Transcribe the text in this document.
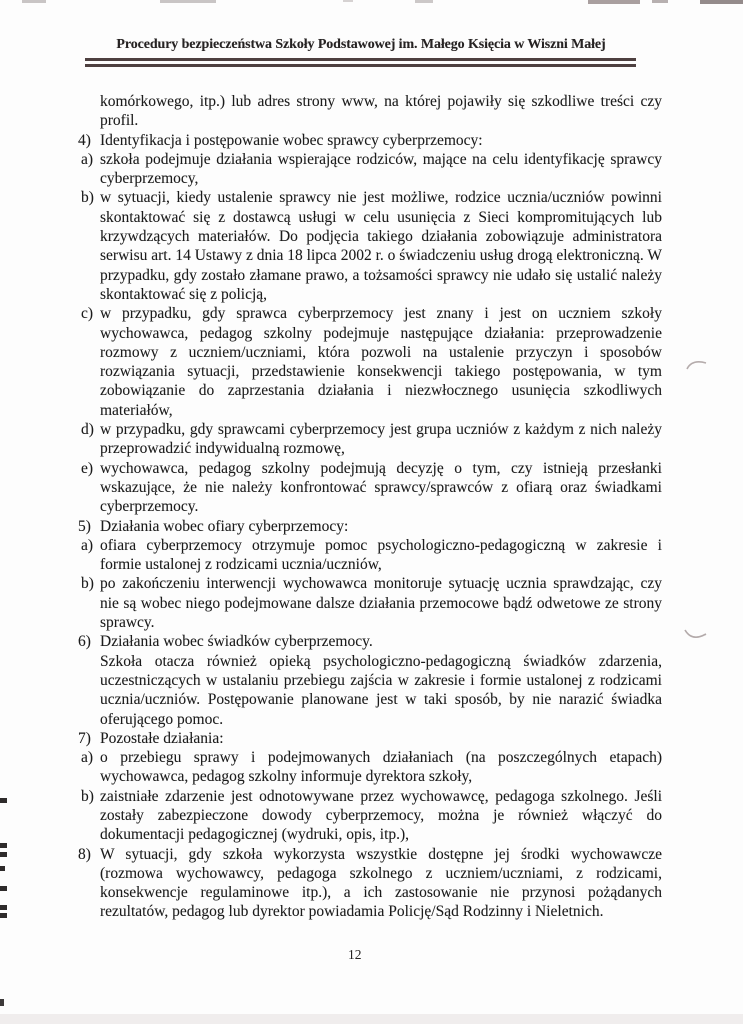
Procedury bezpieczeństwa Szkoły Podstawowej im. Małego Księcia w Wiszni Małej

komórkowego, itp.) lub adres strony www, na której pojawiły się szkodliwe treści czy profil.

4) Identyfikacja i postępowanie wobec sprawcy cyberprzemocy:

a) szkoła podejmuje działania wspierające rodziców, mające na celu identyfikację sprawcy cyberprzemocy,

b) w sytuacji, kiedy ustalenie sprawcy nie jest możliwe, rodzice ucznia/uczniów powinni skontaktować się z dostawcą usługi w celu usunięcia z Sieci kompromitujących lub krzywdzących materiałów. Do podjęcia takiego działania zobowiązuje administratora serwisu art. 14 Ustawy z dnia 18 lipca 2002 r. o świadczeniu usług drogą elektroniczną. W przypadku, gdy zostało złamane prawo, a tożsamości sprawcy nie udało się ustalić należy skontaktować się z policją,

c) w przypadku, gdy sprawca cyberprzemocy jest znany i jest on uczniem szkoły wychowawca, pedagog szkolny podejmuje następujące działania: przeprowadzenie rozmowy z uczniem/uczniami, która pozwoli na ustalenie przyczyn i sposobów rozwiązania sytuacji, przedstawienie konsekwencji takiego postępowania, w tym zobowiązanie do zaprzestania działania i niezwłocznego usunięcia szkodliwych materiałów,

d) w przypadku, gdy sprawcami cyberprzemocy jest grupa uczniów z każdym z nich należy przeprowadzić indywidualną rozmowę,

e) wychowawca, pedagog szkolny podejmują decyzję o tym, czy istnieją przesłanki wskazujące, że nie należy konfrontować sprawcy/sprawców z ofiarą oraz świadkami cyberprzemocy.

5) Działania wobec ofiary cyberprzemocy:

a) ofiara cyberprzemocy otrzymuje pomoc psychologiczno-pedagogiczną w zakresie i formie ustalonej z rodzicami ucznia/uczniów,

b) po zakończeniu interwencji wychowawca monitoruje sytuację ucznia sprawdzając, czy nie są wobec niego podejmowane dalsze działania przemocowe bądź odwetowe ze strony sprawcy.

6) Działania wobec świadków cyberprzemocy.

Szkoła otacza również opieką psychologiczno-pedagogiczną świadków zdarzenia, uczestniczących w ustalaniu przebiegu zajścia w zakresie i formie ustalonej z rodzicami ucznia/uczniów. Postępowanie planowane jest w taki sposób, by nie narazić świadka oferującego pomoc.

7) Pozostałe działania:

a) o przebiegu sprawy i podejmowanych działaniach (na poszczególnych etapach) wychowawca, pedagog szkolny informuje dyrektora szkoły,

b) zaistniałe zdarzenie jest odnotowywane przez wychowawcę, pedagoga szkolnego. Jeśli zostały zabezpieczone dowody cyberprzemocy, można je również włączyć do dokumentacji pedagogicznej (wydruki, opis, itp.),

8) W sytuacji, gdy szkoła wykorzysta wszystkie dostępne jej środki wychowawcze (rozmowa wychowawcy, pedagoga szkolnego z uczniem/uczniami, z rodzicami, konsekwencje regulaminowe itp.), a ich zastosowanie nie przynosi pożądanych rezultatów, pedagog lub dyrektor powiadamia Policję/Sąd Rodzinny i Nieletnich.

12
